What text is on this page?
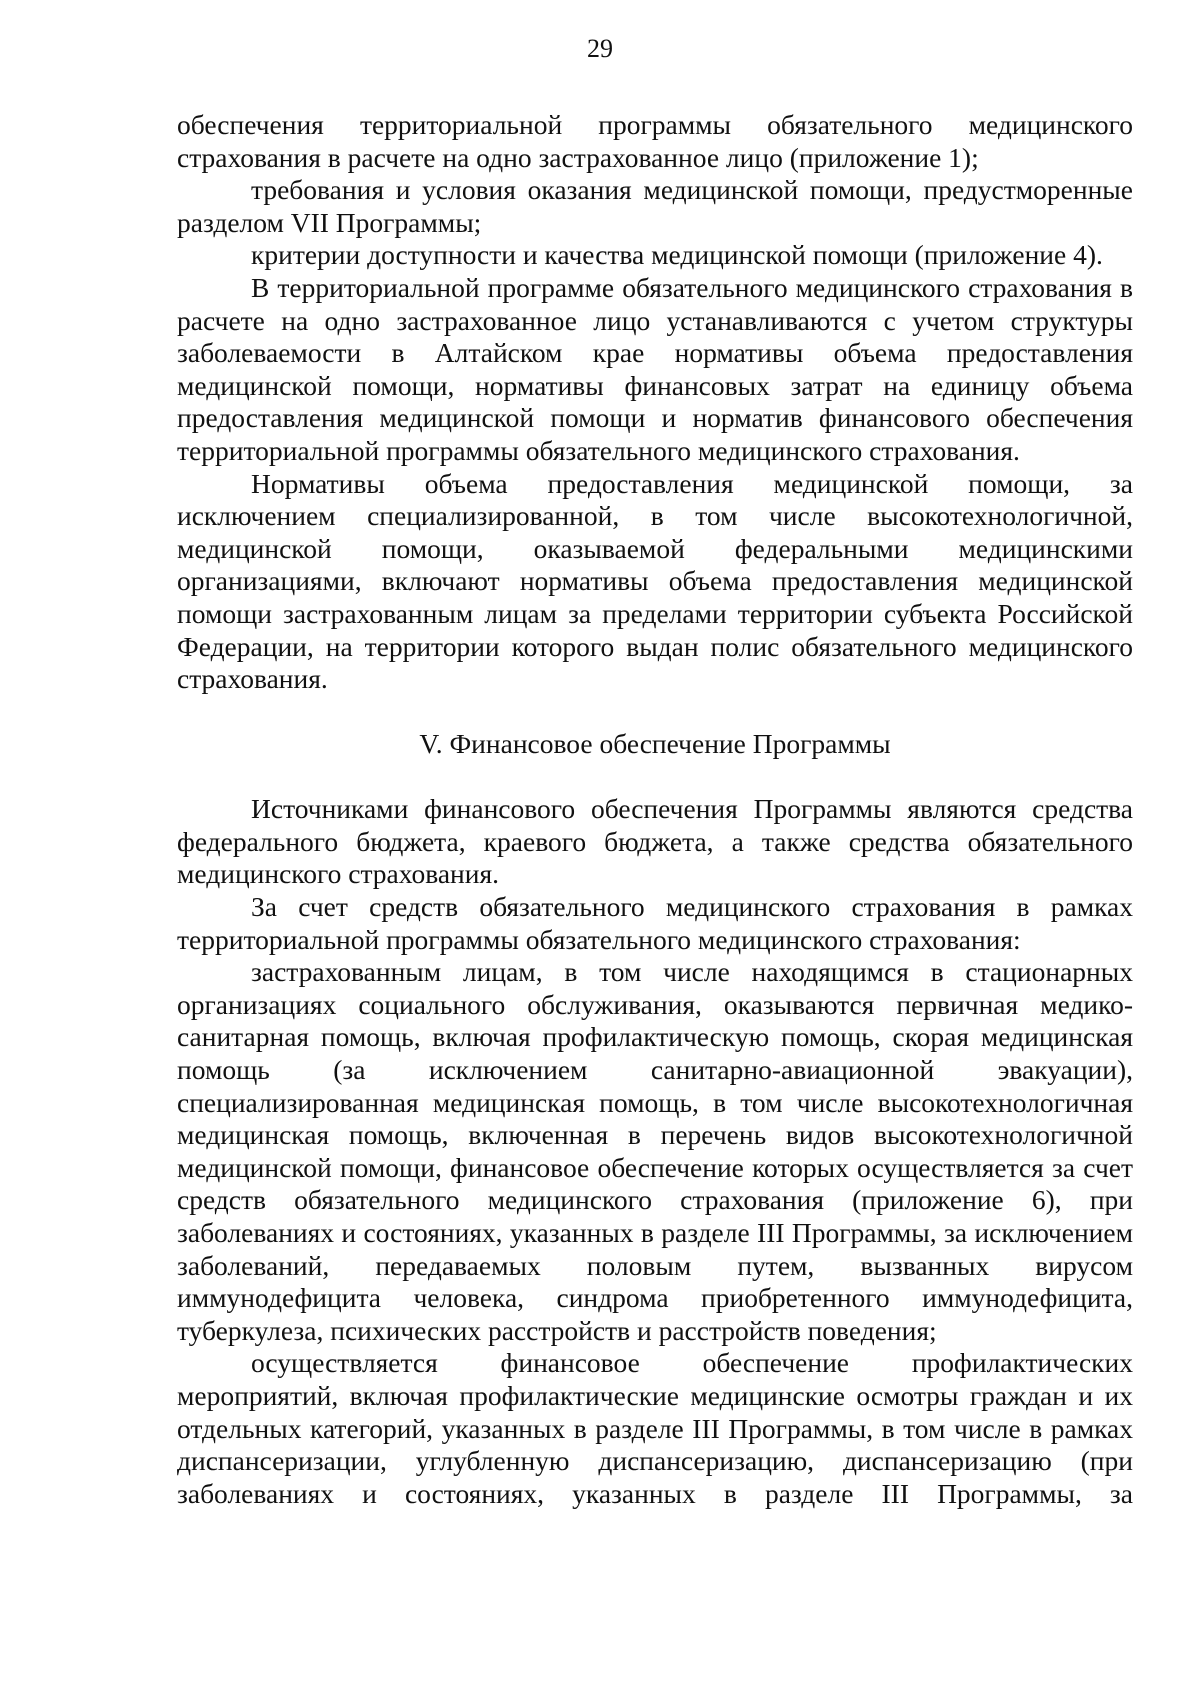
29

обеспечения территориальной программы обязательного медицинского страхования в расчете на одно застрахованное лицо (приложение 1);

требования и условия оказания медицинской помощи, предустмоpенные разделом VII Программы;

критерии доступности и качества медицинской помощи (приложение 4).

В территориальной программе обязательного медицинского страхования в расчете на одно застрахованное лицо устанавливаются с учетом структуры заболеваемости в Алтайском крае нормативы объема предоставления медицинской помощи, нормативы финансовых затрат на единицу объема предоставления медицинской помощи и норматив финансового обеспечения территориальной программы обязательного медицинского страхования.

Нормативы объема предоставления медицинской помощи, за исключением специализированной, в том числе высокотехнологичной, медицинской помощи, оказываемой федеральными медицинскими организациями, включают нормативы объема предоставления медицинской помощи застрахованным лицам за пределами территории субъекта Российской Федерации, на территории которого выдан полис обязательного медицинского страхования.

V. Финансовое обеспечение Программы

Источниками финансового обеспечения Программы являются средства федерального бюджета, краевого бюджета, а также средства обязательного медицинского страхования.

За счет средств обязательного медицинского страхования в рамках территориальной программы обязательного медицинского страхования:

застрахованным лицам, в том числе находящимся в стационарных организациях социального обслуживания, оказываются первичная медико-санитарная помощь, включая профилактическую помощь, скорая медицинская помощь (за исключением санитарно-авиационной эвакуации), специализированная медицинская помощь, в том числе высокотехнологичная медицинская помощь, включенная в перечень видов высокотехнологичной медицинской помощи, финансовое обеспечение которых осуществляется за счет средств обязательного медицинского страхования (приложение 6), при заболеваниях и состояниях, указанных в разделе III Программы, за исключением заболеваний, передаваемых половым путем, вызванных вирусом иммунодефицита человека, синдрома приобретенного иммунодефицита, туберкулеза, психических расстройств и расстройств поведения;

осуществляется финансовое обеспечение профилактических мероприятий, включая профилактические медицинские осмотры граждан и их отдельных категорий, указанных в разделе III Программы, в том числе в рамках диспансеризации, углубленную диспансеризацию, диспансеризацию (при заболеваниях и состояниях, указанных в разделе III Программы, за
